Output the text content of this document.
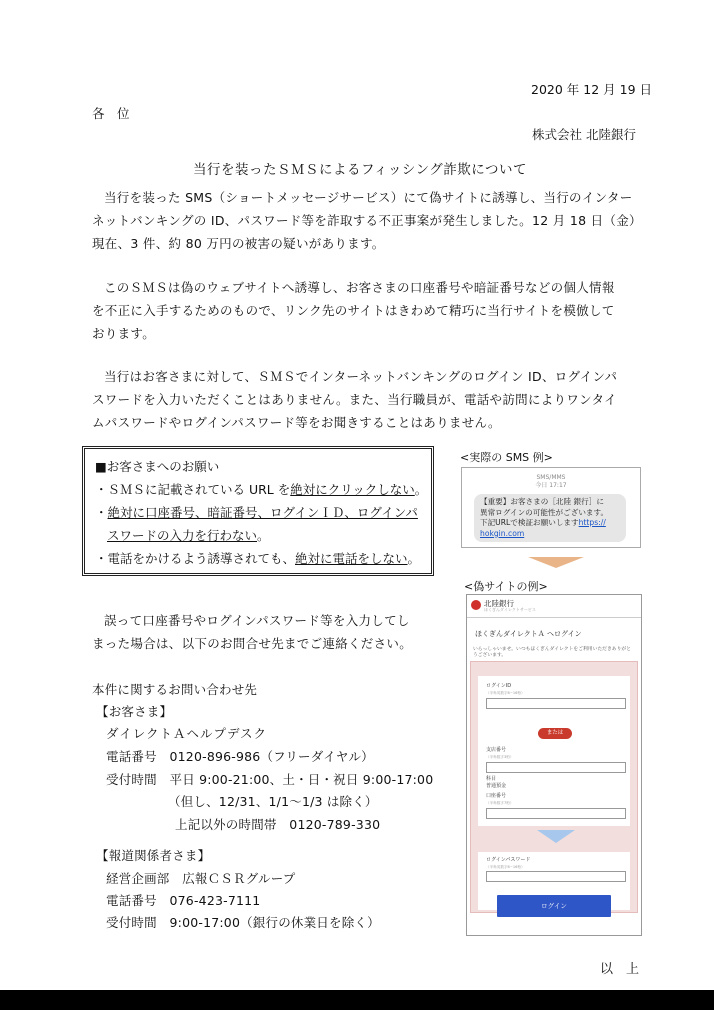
2020 年 12 月 19 日
各　位
株式会社 北陸銀行
当行を装ったＳＭＳによるフィッシング詐欺について
当行を装った SMS（ショートメッセージサービス）にて偽サイトに誘導し、当行のインター
ネットバンキングの ID、パスワード等を詐取する不正事案が発生しました。12 月 18 日（金）
現在、3 件、約 80 万円の被害の疑いがあります。
このＳＭＳは偽のウェブサイトへ誘導し、お客さまの口座番号や暗証番号などの個人情報
を不正に入手するためのもので、リンク先のサイトはきわめて精巧に当行サイトを模倣して
おります。
当行はお客さまに対して、ＳＭＳでインターネットバンキングのログイン ID、ログインパ
スワードを入力いただくことはありません。また、当行職員が、電話や訪問によりワンタイ
ムパスワードやログインパスワード等をお聞きすることはありません。
■お客さまへのお願い
・ＳＭＳに記載されている URL を絶対にクリックしない。
・絶対に口座番号、暗証番号、ログインＩＤ、ログインパ
スワードの入力を行わない。
・電話をかけるよう誘導されても、絶対に電話をしない。
<実際の SMS 例>
SMS/MMS
今日 17:17
【重要】お客さまの［北陸 銀行］に
異常ログインの可能性がございます。
下記URLで検証お願いしますhttps://
hokgin.com
<偽サイトの例>
北陸銀行
ほくぎんダイレクトサービス
ほくぎんダイレクトＡ へログイン
いらっしゃいませ。いつもほくぎんダイレクトをご利用いただきありがとうございます。
ログインID
（半角英数字6~16桁）
または
支店番号
（半角数字3桁）
科目
普通預金
口座番号
（半角数字7桁）
ログインパスワード
（半角英数字6~16桁）
ログイン
誤って口座番号やログインパスワード等を入力してし
まった場合は、以下のお問合せ先までご連絡ください。
本件に関するお問い合わせ先
【お客さま】
ダイレクトＡヘルプデスク
電話番号　0120-896-986（フリーダイヤル）
受付時間　平日 9:00-21:00、土・日・祝日 9:00-17:00
（但し、12/31、1/1～1/3 は除く）
上記以外の時間帯　0120-789-330
【報道関係者さま】
経営企画部　広報ＣＳＲグループ
電話番号　076-423-7111
受付時間　9:00-17:00（銀行の休業日を除く）
以　上
